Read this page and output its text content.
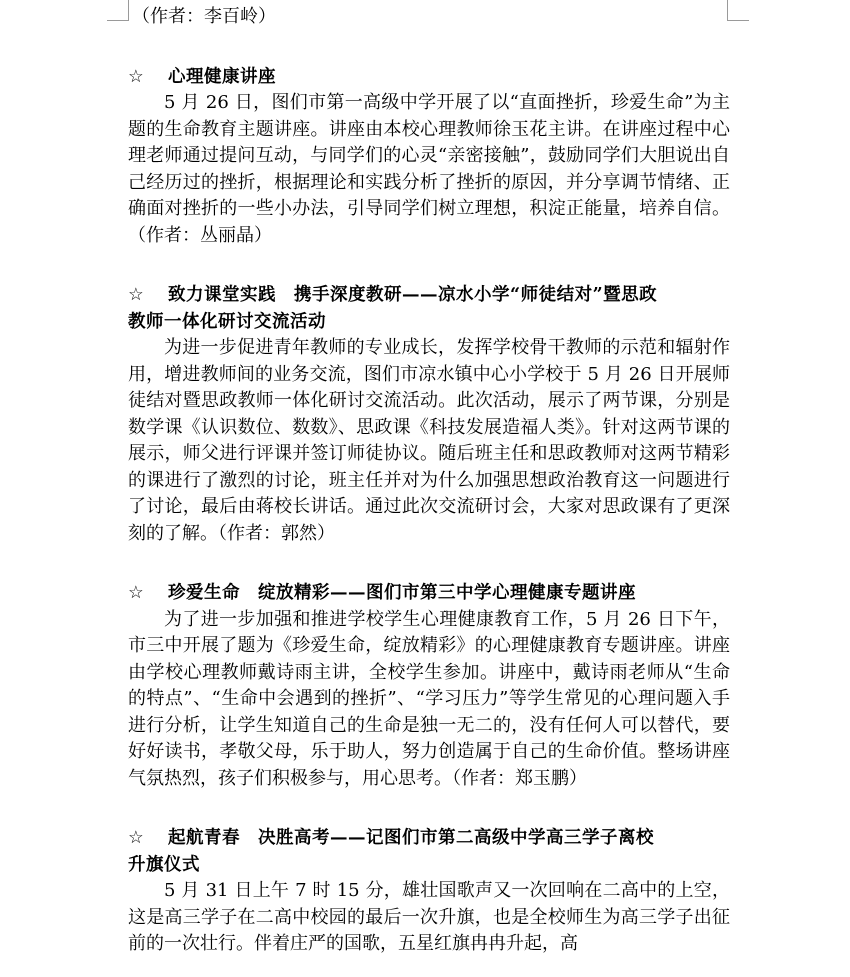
（作者：李百岭）
☆ 心理健康讲座
5 月 26 日，图们市第一高级中学开展了以“直面挫折，珍爱生命”为主题的生命教育主题讲座。讲座由本校心理教师徐玉花主讲。在讲座过程中心理老师通过提问互动，与同学们的心灵“亲密接触”，鼓励同学们大胆说出自己经历过的挫折，根据理论和实践分析了挫折的原因，并分享调节情绪、正确面对挫折的一些小办法，引导同学们树立理想，积淀正能量，培养自信。（作者：丛丽晶）
☆ 致力课堂实践　携手深度教研——凉水小学“师徒结对”暨思政
教师一体化研讨交流活动
为进一步促进青年教师的专业成长，发挥学校骨干教师的示范和辐射作用，增进教师间的业务交流，图们市凉水镇中心小学校于 5 月 26 日开展师徒结对暨思政教师一体化研讨交流活动。此次活动，展示了两节课，分别是数学课《认识数位、数数》、思政课《科技发展造福人类》。针对这两节课的展示，师父进行评课并签订师徒协议。随后班主任和思政教师对这两节精彩的课进行了激烈的讨论，班主任并对为什么加强思想政治教育这一问题进行了讨论，最后由蒋校长讲话。通过此次交流研讨会，大家对思政课有了更深刻的了解。（作者：郭然）
☆ 珍爱生命　绽放精彩——图们市第三中学心理健康专题讲座
为了进一步加强和推进学校学生心理健康教育工作，5 月 26 日下午，市三中开展了题为《珍爱生命，绽放精彩》的心理健康教育专题讲座。讲座由学校心理教师戴诗雨主讲，全校学生参加。讲座中，戴诗雨老师从“生命的特点”、“生命中会遇到的挫折”、“学习压力”等学生常见的心理问题入手进行分析，让学生知道自己的生命是独一无二的，没有任何人可以替代，要好好读书，孝敬父母，乐于助人，努力创造属于自己的生命价值。整场讲座气氛热烈，孩子们积极参与，用心思考。（作者：郑玉鹏）
☆ 起航青春　决胜高考——记图们市第二高级中学高三学子离校
升旗仪式
5 月 31 日上午 7 时 15 分，雄壮国歌声又一次回响在二高中的上空，这是高三学子在二高中校园的最后一次升旗，也是全校师生为高三学子出征前的一次壮行。伴着庄严的国歌，五星红旗冉冉升起，高
